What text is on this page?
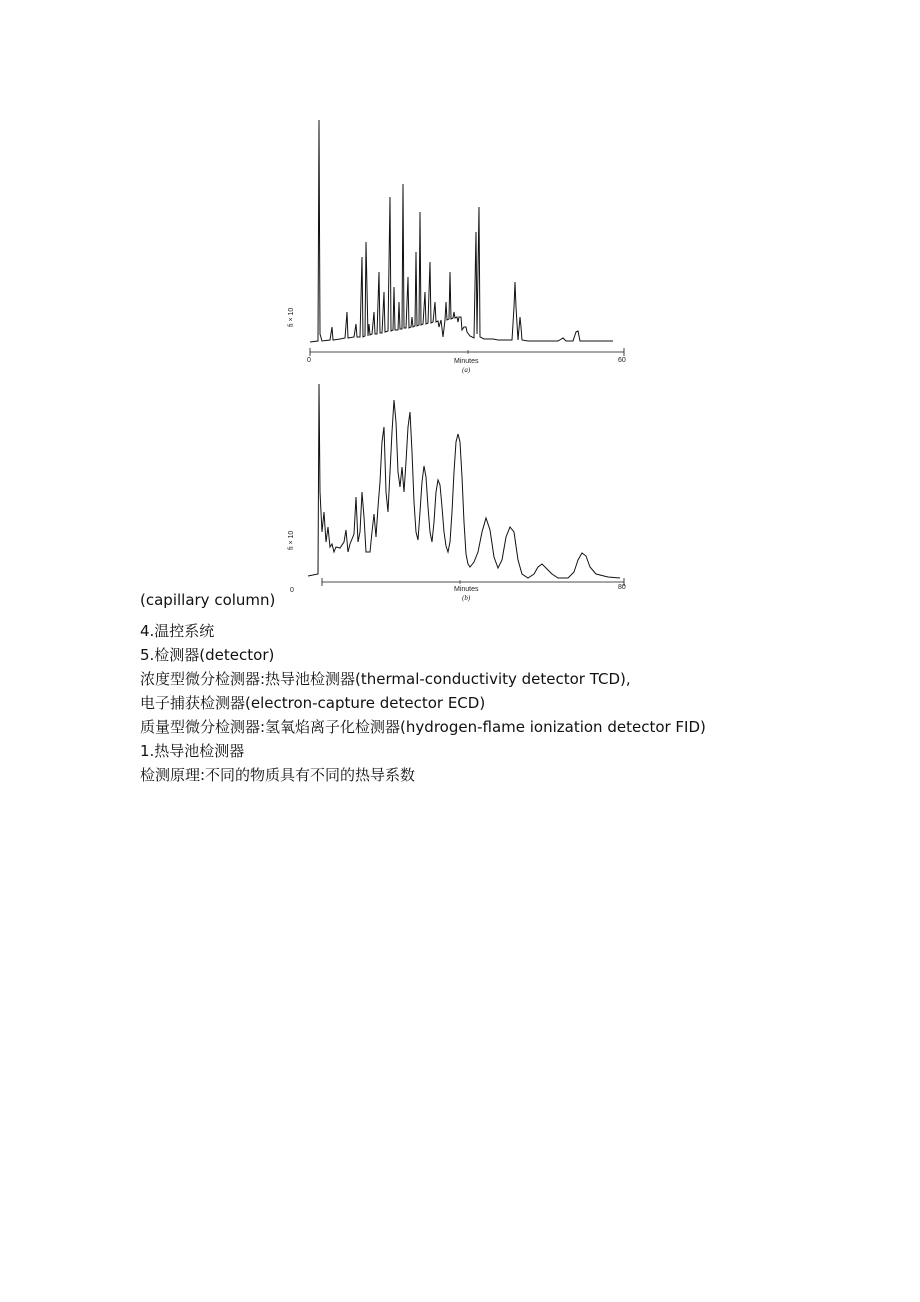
0	60
Minutes
(a)
fi × 10
0	80
Minutes
(b)
fi × 10
(capillary column)
4.温控系统
5.检测器(detector)
浓度型微分检测器:热导池检测器(thermal-conductivity detector TCD),
电子捕获检测器(electron-capture detector ECD)
质量型微分检测器:氢氧焰离子化检测器(hydrogen-flame ionization detector FID)
1.热导池检测器
检测原理:不同的物质具有不同的热导系数
